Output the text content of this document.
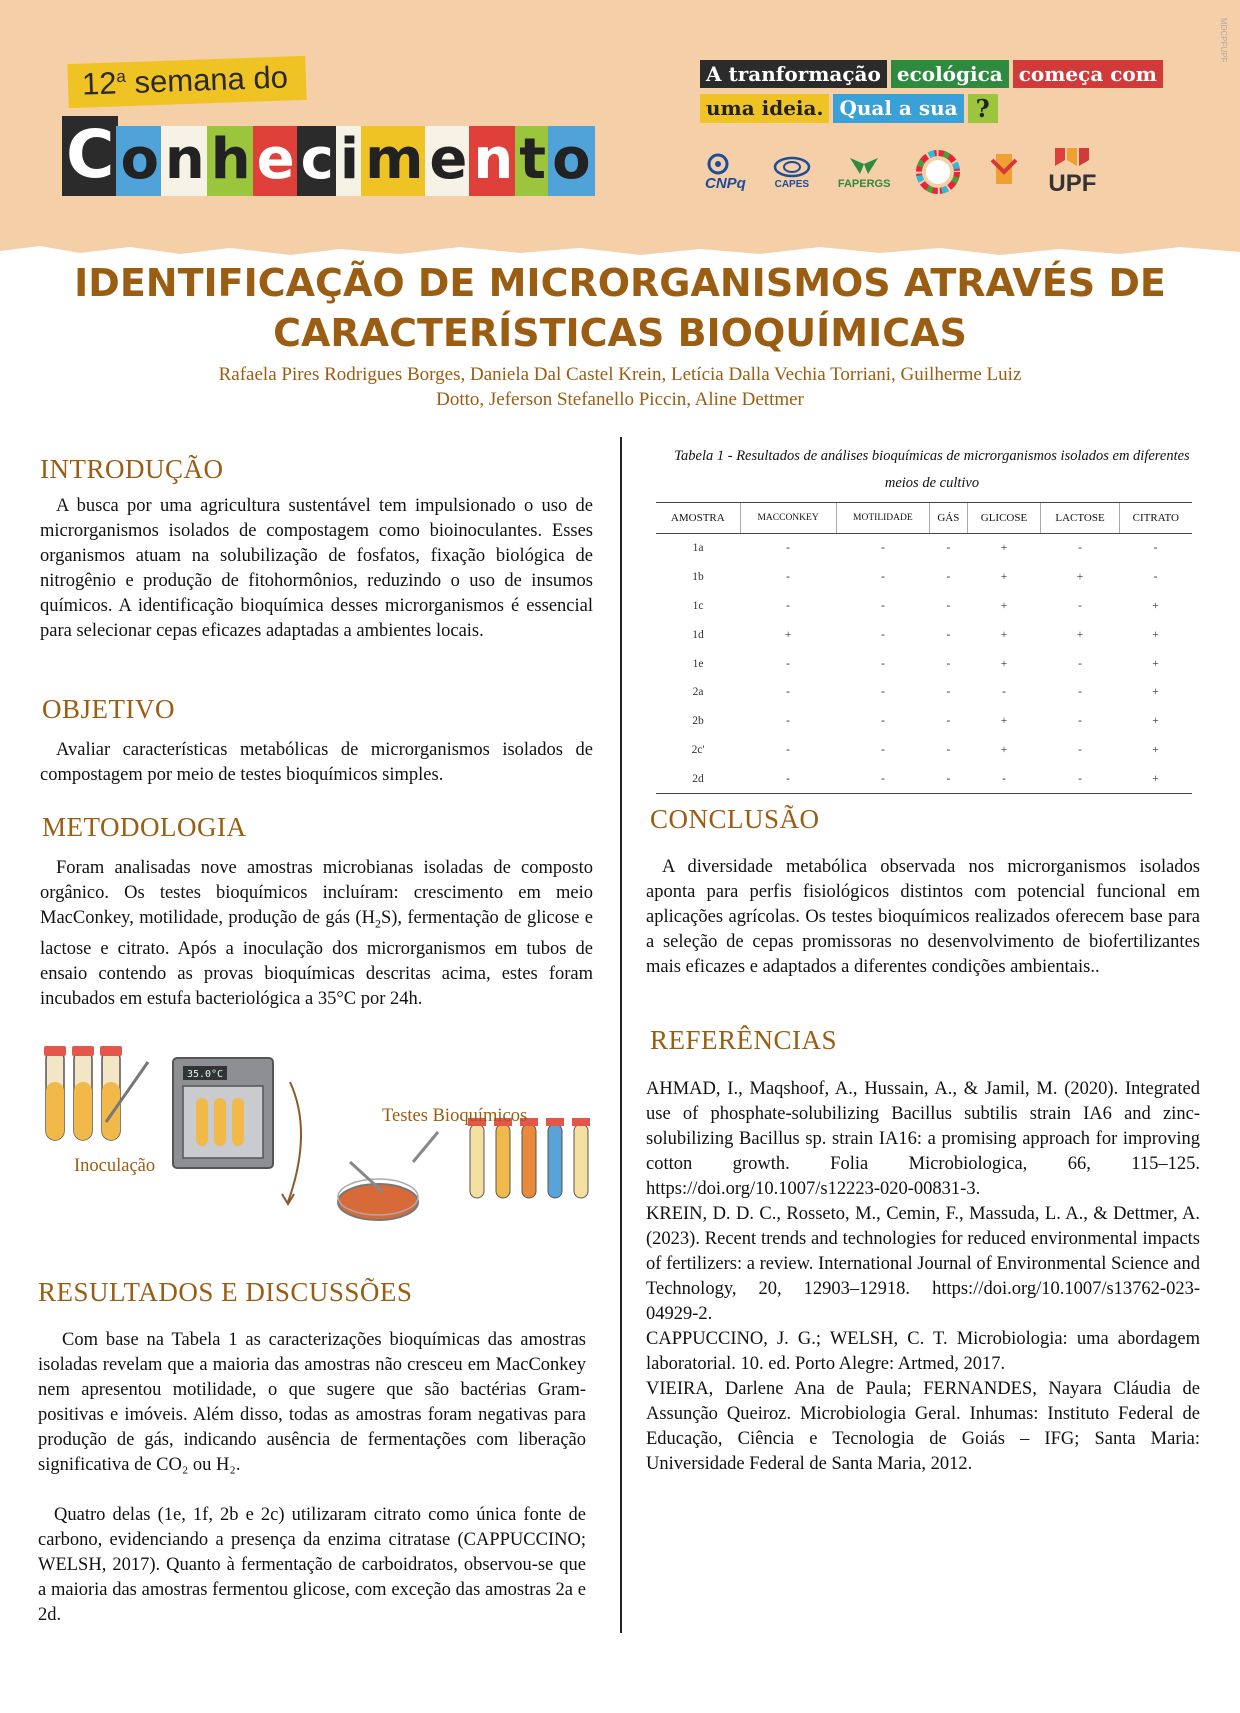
12$^a$ semana do
C o n h e c i m e n t o
A tranformação ecológica começa com
uma ideia. Qual a sua ?
CNPq	CAPES	FAPERGS	UPF
MDCPFUPF
IDENTIFICAÇÃO DE MICRORGANISMOS ATRAVÉS DE
CARACTERÍSTICAS BIOQUÍMICAS
Rafaela Pires Rodrigues Borges, Daniela Dal Castel Krein, Letícia Dalla Vechia Torriani, Guilherme Luiz
Dotto, Jeferson Stefanello Piccin, Aline Dettmer
INTRODUÇÃO

A busca por uma agricultura sustentável tem impulsionado o uso de microrganismos isolados de compostagem como bioinoculantes. Esses organismos atuam na solubilização de fosfatos, fixação biológica de nitrogênio e produção de fitohormônios, reduzindo o uso de insumos químicos. A identificação bioquímica desses microrganismos é essencial para selecionar cepas eficazes adaptadas a ambientes locais.

OBJETIVO

Avaliar características metabólicas de microrganismos isolados de compostagem por meio de testes bioquímicos simples.

METODOLOGIA

Foram analisadas nove amostras microbianas isoladas de composto orgânico. Os testes bioquímicos incluíram: crescimento em meio MacConkey, motilidade, produção de gás $(H_2S)$, fermentação de glicose e lactose e citrato. Após a inoculação dos microrganismos em tubos de ensaio contendo as provas bioquímicas descritas acima, estes foram incubados em estufa bacteriológica a 35°C por 24h.

35.0°C
Inoculação
Testes Bioquímicos
RESULTADOS E DISCUSSÕES

Com base na Tabela 1 as caracterizações bioquímicas das amostras isoladas revelam que a maioria das amostras não cresceu em MacConkey nem apresentou motilidade, o que sugere que são bactérias Gram-positivas e imóveis. Além disso, todas as amostras foram negativas para produção de gás, indicando ausência de fermentações com liberação significativa de CO₂ ou H₂.

Quatro delas (1e, 1f, 2b e 2c) utilizaram citrato como única fonte de carbono, evidenciando a presença da enzima citratase (CAPPUCCINO; WELSH, 2017). Quanto à fermentação de carboidratos, observou-se que a maioria das amostras fermentou glicose, com exceção das amostras 2a e 2d.

Tabela 1 - Resultados de análises bioquímicas de microrganismos isolados em diferentes
meios de cultivo
AMOSTRA	MACCONKEY	MOTILIDADE	GÁS	GLICOSE	LACTOSE	CITRATO
1a	-	-	-	+	-	-
1b	-	-	-	+	+	-
1c	-	-	-	+	-	+
1d	+	-	-	+	+	+
1e	-	-	-	+	-	+
2a	-	-	-	-	-	+
2b	-	-	-	+	-	+
2c'	-	-	-	+	-	+
2d	-	-	-	-	-	+
CONCLUSÃO

A diversidade metabólica observada nos microrganismos isolados aponta para perfis fisiológicos distintos com potencial funcional em aplicações agrícolas. Os testes bioquímicos realizados oferecem base para a seleção de cepas promissoras no desenvolvimento de biofertilizantes mais eficazes e adaptados a diferentes condições ambientais..

REFERÊNCIAS

AHMAD, I., Maqshoof, A., Hussain, A., & Jamil, M. (2020). Integrated use of phosphate-solubilizing Bacillus subtilis strain IA6 and zinc-solubilizing Bacillus sp. strain IA16: a promising approach for improving cotton growth. Folia Microbiologica, 66, 115–125. https://doi.org/10.1007/s12223-020-00831-3.

KREIN, D. D. C., Rosseto, M., Cemin, F., Massuda, L. A., & Dettmer, A. (2023). Recent trends and technologies for reduced environmental impacts of fertilizers: a review. International Journal of Environmental Science and Technology, 20, 12903–12918. https://doi.org/10.1007/s13762-023-04929-2.

CAPPUCCINO, J. G.; WELSH, C. T. Microbiologia: uma abordagem laboratorial. 10. ed. Porto Alegre: Artmed, 2017.

VIEIRA, Darlene Ana de Paula; FERNANDES, Nayara Cláudia de Assunção Queiroz. Microbiologia Geral. Inhumas: Instituto Federal de Educação, Ciência e Tecnologia de Goiás – IFG; Santa Maria: Universidade Federal de Santa Maria, 2012.
